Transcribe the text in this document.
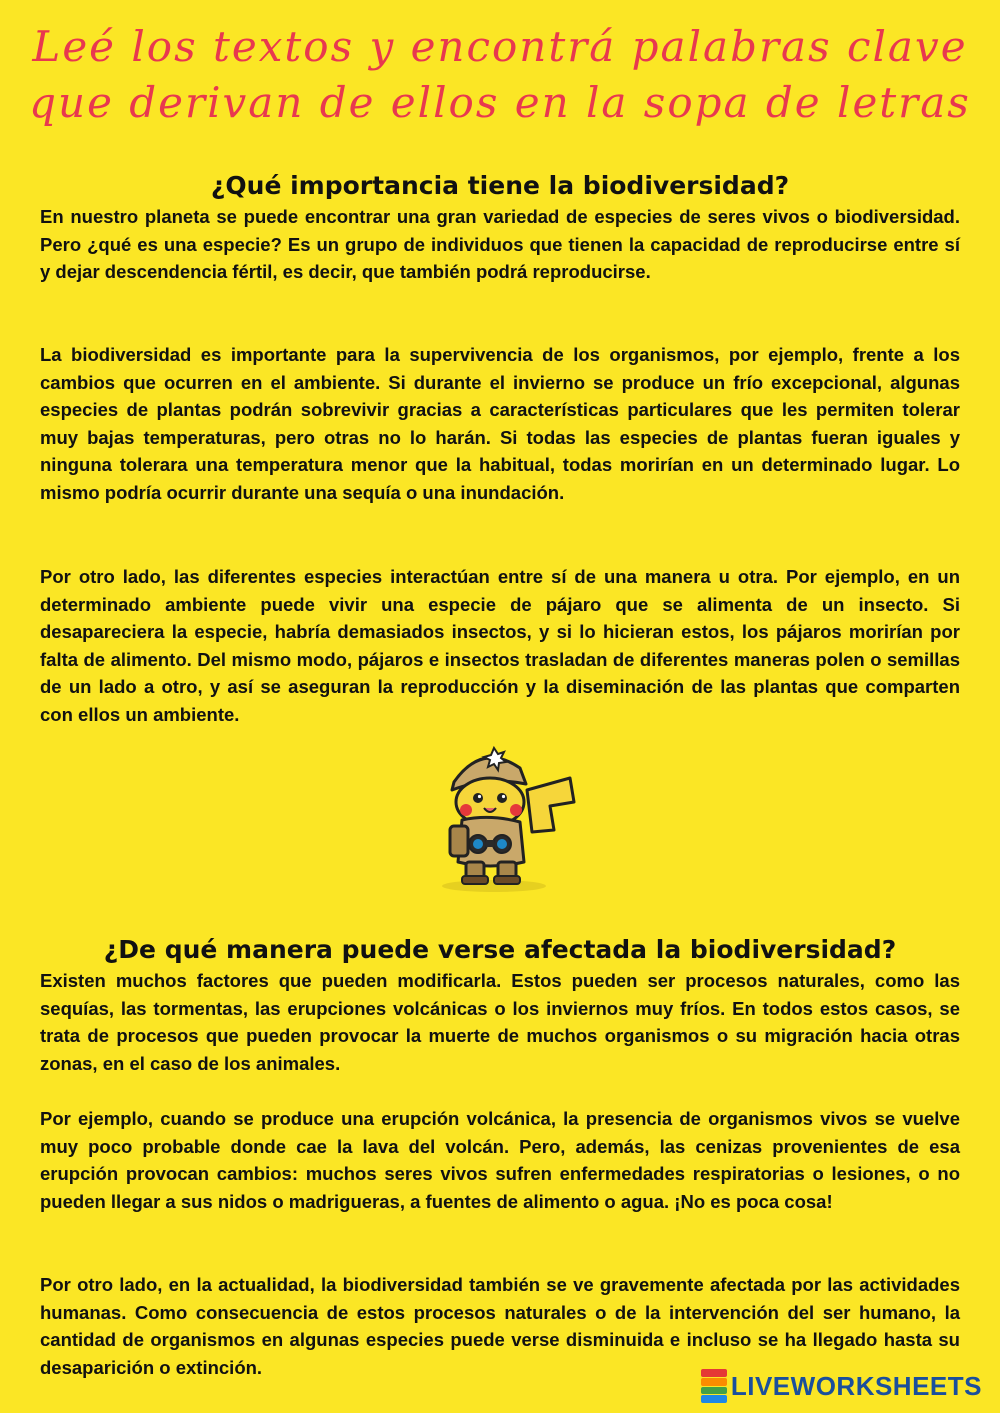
Leé los textos y encontrá palabras clave
que derivan de ellos en la sopa de letras
¿Qué importancia tiene la biodiversidad?

En nuestro planeta se puede encontrar una gran variedad de especies de seres vivos o biodiversidad. Pero ¿qué es una especie? Es un grupo de individuos que tienen la capacidad de reproducirse entre sí y dejar descendencia fértil, es decir, que también podrá reproducirse.

La biodiversidad es importante para la supervivencia de los organismos, por ejemplo, frente a los cambios que ocurren en el ambiente. Si durante el invierno se produce un frío excepcional, algunas especies de plantas podrán sobrevivir gracias a características particulares que les permiten tolerar muy bajas temperaturas, pero otras no lo harán. Si todas las especies de plantas fueran iguales y ninguna tolerara una temperatura menor que la habitual, todas morirían en un determinado lugar. Lo mismo podría ocurrir durante una sequía o una inundación.

Por otro lado, las diferentes especies interactúan entre sí de una manera u otra. Por ejemplo, en un determinado ambiente puede vivir una especie de pájaro que se alimenta de un insecto. Si desapareciera la especie, habría demasiados insectos, y si lo hicieran estos, los pájaros morirían por falta de alimento. Del mismo modo, pájaros e insectos trasladan de diferentes maneras polen o semillas de un lado a otro, y así se aseguran la reproducción y la diseminación de las plantas que comparten con ellos un ambiente.

¿De qué manera puede verse afectada la biodiversidad?

Existen muchos factores que pueden modificarla. Estos pueden ser procesos naturales, como las sequías, las tormentas, las erupciones volcánicas o los inviernos muy fríos. En todos estos casos, se trata de procesos que pueden provocar la muerte de muchos organismos o su migración hacia otras zonas, en el caso de los animales.

Por ejemplo, cuando se produce una erupción volcánica, la presencia de organismos vivos se vuelve muy poco probable donde cae la lava del volcán. Pero, además, las cenizas provenientes de esa erupción provocan cambios: muchos seres vivos sufren enfermedades respiratorias o lesiones, o no pueden llegar a sus nidos o madrigueras, a fuentes de alimento o agua. ¡No es poca cosa!

Por otro lado, en la actualidad, la biodiversidad también se ve gravemente afectada por las actividades humanas. Como consecuencia de estos procesos naturales o de la intervención del ser humano, la cantidad de organismos en algunas especies puede verse disminuida e incluso se ha llegado hasta su desaparición o extinción.

LIVEWORKSHEETS
